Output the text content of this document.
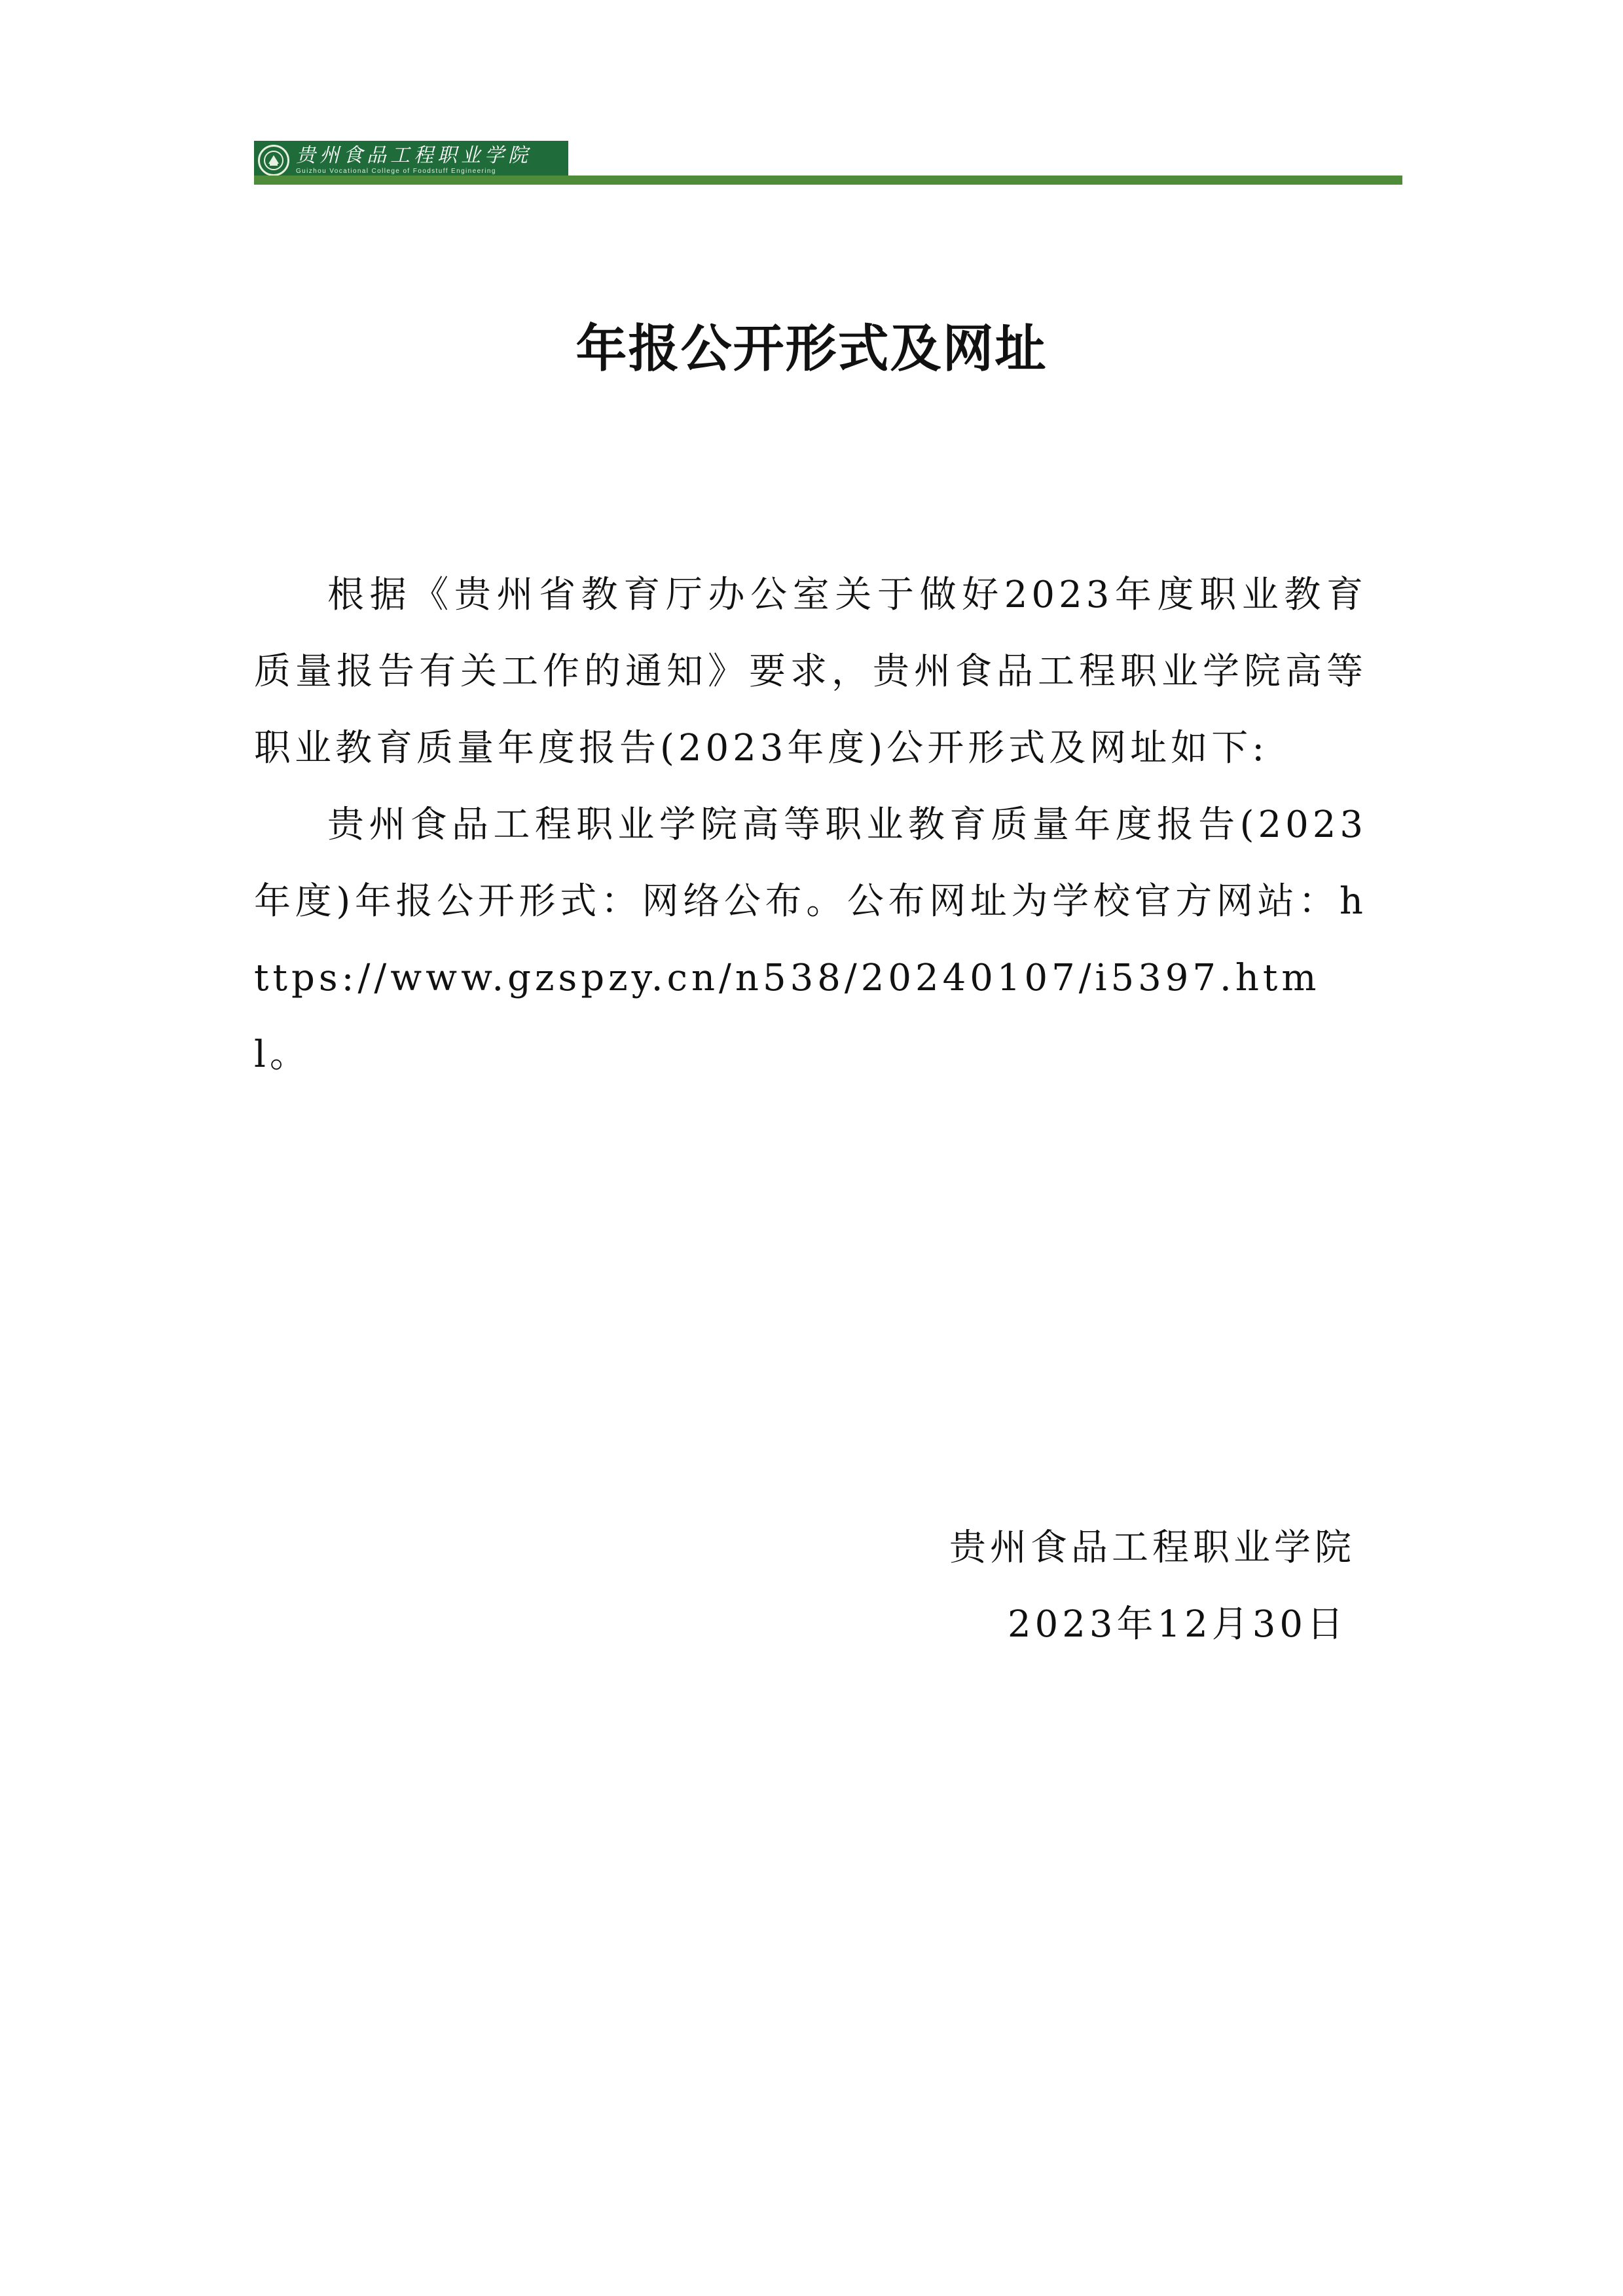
贵州食品工程职业学院
Guizhou Vocational College of Foodstuff Engineering
年报公开形式及网址

根据《贵州省教育厅办公室关于做好2023年度职业教育质量报告有关工作的通知》要求，贵州食品工程职业学院高等职业教育质量年度报告(2023年度)公开形式及网址如下:

贵州食品工程职业学院高等职业教育质量年度报告(2023年度)年报公开形式：网络公布。公布网址为学校官方网站：https://www.gzspzy.cn/n538/20240107/i5397.html。

贵州食品工程职业学院
2023年12月30日
